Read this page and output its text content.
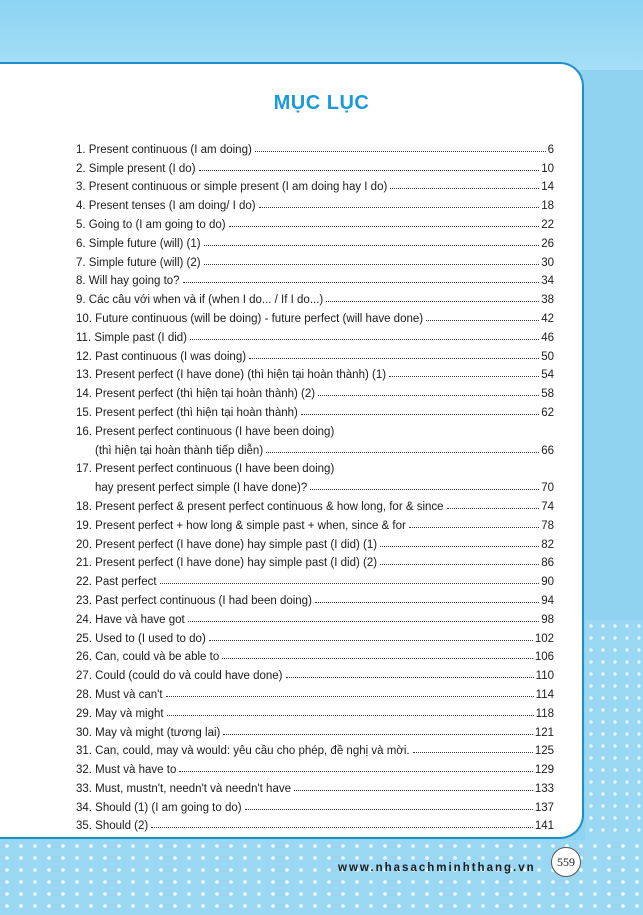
MỤC LỤC
1. Present continuous (I am doing)	6
2. Simple present (I do)	10
3. Present continuous or simple present (I am doing hay I do)	14
4. Present tenses (I am doing/ I do)	18
5. Going to (I am going to do)	22
6. Simple future (will) (1)	26
7. Simple future (will) (2)	30
8. Will hay going to?	34
9. Các câu với when và if (when I do... / If I do...)	38
10. Future continuous (will be doing) - future perfect (will have done)	42
11. Simple past (I did)	46
12. Past continuous (I was doing)	50
13. Present perfect (I have done) (thì hiện tại hoàn thành) (1)	54
14. Present perfect (thì hiện tại hoàn thành) (2)	58
15. Present perfect (thì hiện tại hoàn thành)	62
16. Present perfect continuous (I have been doing)
(thì hiện tại hoàn thành tiếp diễn)	66
17. Present perfect continuous (I have been doing)
hay present perfect simple (I have done)?	70
18. Present perfect & present perfect continuous & how long, for & since	74
19. Present perfect + how long & simple past + when, since & for	78
20. Present perfect (I have done) hay simple past (I did) (1)	82
21. Present perfect (I have done) hay simple past (I did) (2)	86
22. Past perfect	90
23. Past perfect continuous (I had been doing)	94
24. Have và have got	98
25. Used to (I used to do)	102
26. Can, could và be able to	106
27. Could (could do và could have done)	110
28. Must và can't	114
29. May và might	118
30. May và might (tương lai)	121
31. Can, could, may và would: yêu cầu cho phép, đề nghị và mời.	125
32. Must và have to	129
33. Must, mustn't, needn't và needn't have	133
34. Should (1) (I am going to do)	137
35. Should (2)	141
www.nhasachminhthang.vn	559
